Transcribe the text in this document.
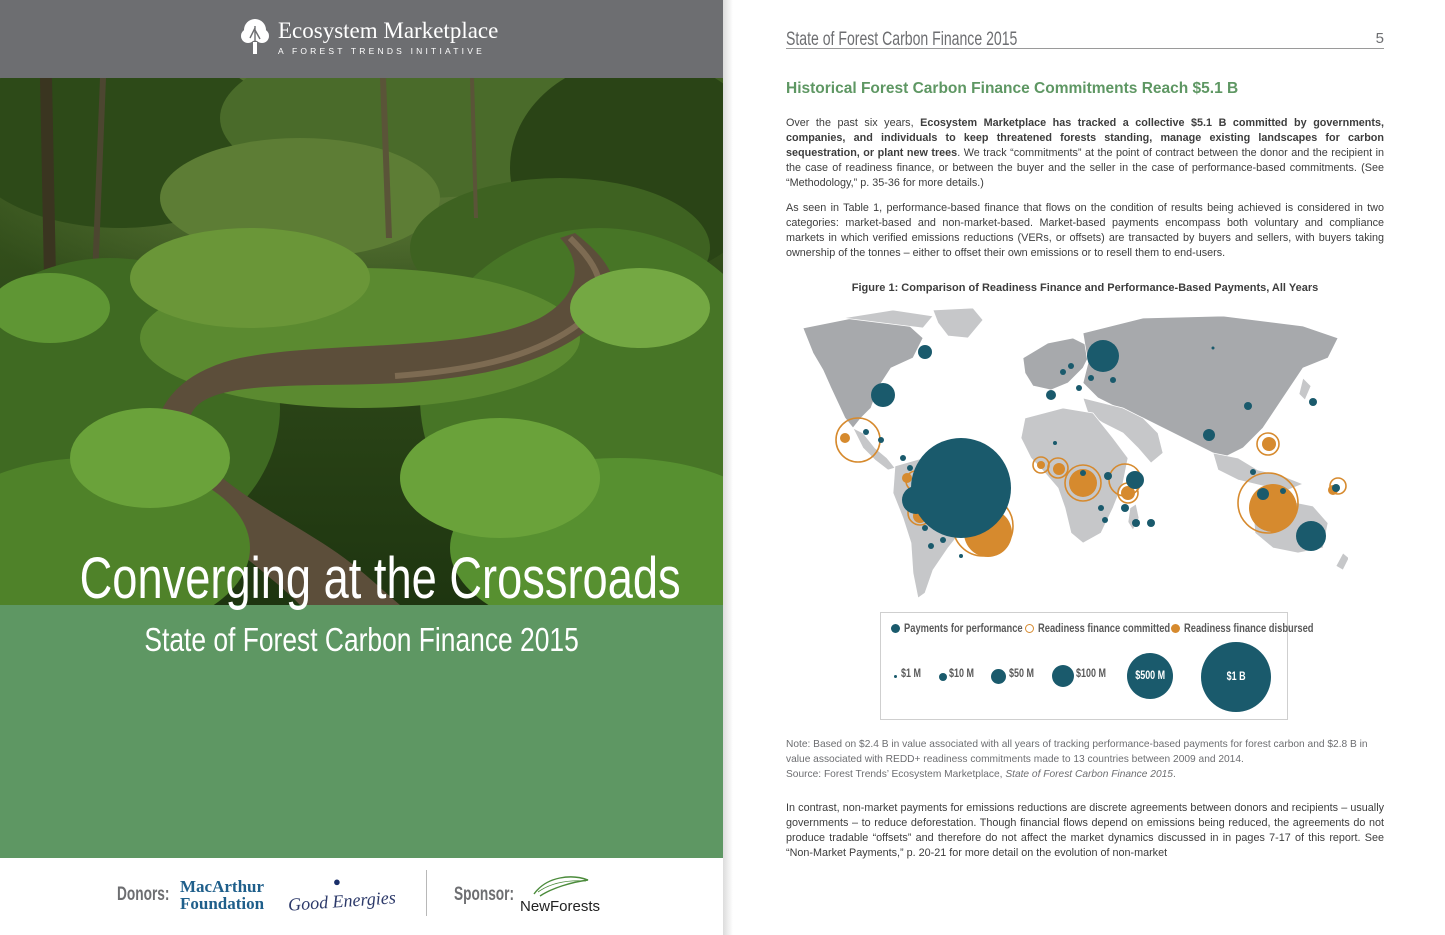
Ecosystem Marketplace
A FOREST TRENDS INITIATIVE
Converging at the Crossroads
State of Forest Carbon Finance 2015
Donors: MacArthur
Foundation
●
Good Energies	Sponsor:
NewForests
State of Forest Carbon Finance 2015	5
Historical Forest Carbon Finance Commitments Reach $5.1 B
Over the past six years, Ecosystem Marketplace has tracked a collective $5.1 B committed by governments, companies, and individuals to keep threatened forests standing, manage existing landscapes for carbon sequestration, or plant new trees. We track “commitments” at the point of contract between the donor and the recipient in the case of readiness finance, or between the buyer and the seller in the case of performance-based commitments. (See “Methodology,” p. 35-36 for more details.)
As seen in Table 1, performance-based finance that flows on the condition of results being achieved is considered in two categories: market-based and non-market-based. Market-based payments encompass both voluntary and compliance markets in which verified emissions reductions (VERs, or offsets) are transacted by buyers and sellers, with buyers taking ownership of the tonnes – either to offset their own emissions or to resell them to end-users.
Figure 1: Comparison of Readiness Finance and Performance-Based Payments, All Years
Payments for performance Readiness finance committed Readiness finance disbursed
$1 M $10 M	$50 M	$100 M	$500 M	$1 B
Note: Based on $2.4 B in value associated with all years of tracking performance-based payments for forest carbon and $2.8 B in value associated with REDD+ readiness commitments made to 13 countries between 2009 and 2014.
Source: Forest Trends’ Ecosystem Marketplace, State of Forest Carbon Finance 2015.
In contrast, non-market payments for emissions reductions are discrete agreements between donors and recipients – usually governments – to reduce deforestation. Though financial flows depend on emissions being reduced, the agreements do not produce tradable “offsets” and therefore do not affect the market dynamics discussed in in pages 7-17 of this report. See “Non-Market Payments,” p. 20-21 for more detail on the evolution of non-market
